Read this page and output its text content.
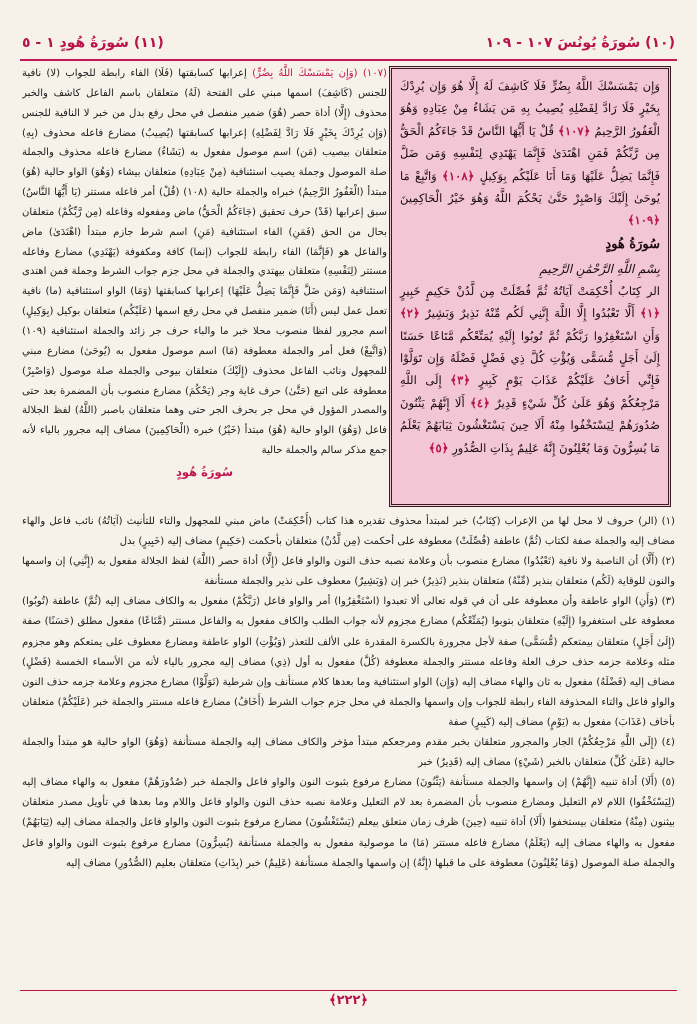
(١١) سُورَةُ هُودٍ ١ - ٥	(١٠) سُورَةُ يُونُسَ ١٠٧ - ١٠٩
وَإِن يَمْسَسْكَ اللَّهُ بِضُرٍّ فَلَا كَاشِفَ لَهُ إِلَّا هُوَ وَإِن يُرِدْكَ بِخَيْرٍ فَلَا رَادَّ لِفَضْلِهِ يُصِيبُ بِهِ مَن يَشَاءُ مِنْ عِبَادِهِ وَهُوَ الْغَفُورُ الرَّحِيمُ ﴿١٠٧﴾ قُلْ يَا أَيُّهَا النَّاسُ قَدْ جَاءَكُمُ الْحَقُّ مِن رَّبِّكُمْ فَمَنِ اهْتَدَىٰ فَإِنَّمَا يَهْتَدِي لِنَفْسِهِ وَمَن ضَلَّ فَإِنَّمَا يَضِلُّ عَلَيْهَا وَمَا أَنَا عَلَيْكُم بِوَكِيلٍ ﴿١٠٨﴾ وَاتَّبِعْ مَا يُوحَىٰ إِلَيْكَ وَاصْبِرْ حَتَّىٰ يَحْكُمَ اللَّهُ وَهُوَ خَيْرُ الْحَاكِمِينَ ﴿١٠٩﴾
سُورَةُ هُودٍ
بِسْمِ اللَّهِ الرَّحْمَٰنِ الرَّحِيمِ
الر كِتَابٌ أُحْكِمَتْ آيَاتُهُ ثُمَّ فُصِّلَتْ مِن لَّدُنْ حَكِيمٍ خَبِيرٍ ﴿١﴾ أَلَّا تَعْبُدُوا إِلَّا اللَّهَ إِنَّنِي لَكُم مِّنْهُ نَذِيرٌ وَبَشِيرٌ ﴿٢﴾ وَأَنِ اسْتَغْفِرُوا رَبَّكُمْ ثُمَّ تُوبُوا إِلَيْهِ يُمَتِّعْكُم مَّتَاعًا حَسَنًا إِلَىٰ أَجَلٍ مُّسَمًّى وَيُؤْتِ كُلَّ ذِي فَضْلٍ فَضْلَهُ وَإِن تَوَلَّوْا فَإِنِّي أَخَافُ عَلَيْكُمْ عَذَابَ يَوْمٍ كَبِيرٍ ﴿٣﴾ إِلَى اللَّهِ مَرْجِعُكُمْ وَهُوَ عَلَىٰ كُلِّ شَيْءٍ قَدِيرٌ ﴿٤﴾ أَلَا إِنَّهُمْ يَثْنُونَ صُدُورَهُمْ لِيَسْتَخْفُوا مِنْهُ أَلَا حِينَ يَسْتَغْشُونَ ثِيَابَهُمْ يَعْلَمُ مَا يُسِرُّونَ وَمَا يُعْلِنُونَ إِنَّهُ عَلِيمٌ بِذَاتِ الصُّدُورِ ﴿٥﴾
(١٠٧) (وَإِن يَمْسَسْكَ اللَّهُ بِضُرٍّ) إعرابها كسابقتها (فَلَا) الفاء رابطة للجواب (لا) نافية للجنس (كَاشِفَ) اسمها مبني على الفتحة (لَهُ) متعلقان باسم الفاعل كاشف والخبر محذوف (إِلَّا) أداة حصر (هُوَ) ضمير منفصل في محل رفع بدل من خبر لا النافية للجنس (وَإِن يُرِدْكَ بِخَيْرٍ فَلَا رَادَّ لِفَضْلِهِ) إعرابها كسابقتها (يُصِيبُ) مضارع فاعله محذوف (بِهِ) متعلقان بيصيب (مَن) اسم موصول مفعول به (يَشَاءُ) مضارع فاعله محذوف والجملة صلة الموصول وجملة يصيب استئنافية (مِنْ عِبَادِهِ) متعلقان بيشاء (وَهُوَ) الواو حالية (هُوَ) مبتدأ (الْغَفُورُ الرَّحِيمُ) خبراه والجملة حالية (١٠٨) (قُلْ) أمر فاعله مستتر (يَا أَيُّهَا النَّاسُ) سبق إعرابها (قَدْ) حرف تحقيق (جَاءَكُمُ الْحَقُّ) ماض ومفعوله وفاعله (مِن رَّبِّكُمْ) متعلقان بحال من الحق (فَمَنِ) الفاء استئنافية (مَنِ) اسم شرط جازم مبتدأ (اهْتَدَىٰ) ماض والفاعل هو (فَإِنَّمَا) الفاء رابطة للجواب (إنما) كافة ومكفوفة (يَهْتَدِي) مضارع وفاعله مستتر (لِنَفْسِهِ) متعلقان بيهتدي والجملة في محل جزم جواب الشرط وجملة فمن اهتدى استئنافية (وَمَن ضَلَّ فَإِنَّمَا يَضِلُّ عَلَيْهَا) إعرابها كسابقتها (وَمَا) الواو استئنافية (ما) نافية تعمل عمل ليس (أَنَا) ضمير منفصل في محل رفع اسمها (عَلَيْكُم) متعلقان بوكيل (بِوَكِيلٍ) اسم مجرور لفظا منصوب محلا خبر ما والباء حرف جر زائد والجملة استئنافية (١٠٩) (وَاتَّبِعْ) فعل أمر والجملة معطوفة (مَا) اسم موصول مفعول به (يُوحَىٰ) مضارع مبني للمجهول ونائب الفاعل محذوف (إِلَيْكَ) متعلقان بيوحى والجملة صلة موصول (وَاصْبِرْ) معطوفة على اتبع (حَتَّىٰ) حرف غاية وجر (يَحْكُمَ) مضارع منصوب بأن المضمرة بعد حتى والمصدر المؤول في محل جر بحرف الجر حتى وهما متعلقان باصبر (اللَّهُ) لفظ الجلالة فاعل (وَهُوَ) الواو حالية (هُوَ) مبتدأ (خَيْرُ) خبره (الْحَاكِمِينَ) مضاف إليه مجرور بالياء لأنه جمع مذكر سالم والجملة حالية
سُورَةُ هُودٍ

(١) (الر) حروف لا محل لها من الإعراب (كِتَابٌ) خبر لمبتدأ محذوف تقديره هذا كتاب (أُحْكِمَتْ) ماض مبني للمجهول والتاء للتأنيث (آيَاتُهُ) نائب فاعل والهاء مضاف إليه والجملة صفة لكتاب (ثُمَّ) عاطفة (فُصِّلَتْ) معطوفة على أحكمت (مِن لَّدُنْ) متعلقان بأحكمت (حَكِيمٍ) مضاف إليه (خَبِيرٍ) بدل

(٢) (أَلَّا) أن الناصبة ولا نافية (تَعْبُدُوا) مضارع منصوب بأن وعلامة نصبه حذف النون والواو فاعل (إِلَّا) أداة حصر (اللَّهَ) لفظ الجلالة مفعول به (إِنَّنِي) إن واسمها والنون للوقاية (لَكُم) متعلقان بنذير (مِّنْهُ) متعلقان بنذير (نَذِيرٌ) خبر إن (وَبَشِيرٌ) معطوف على نذير والجملة مستأنفة

(٣) (وَأَنِ) الواو عاطفة وأن معطوفة على أن في قوله تعالى ألا تعبدوا (اسْتَغْفِرُوا) أمر والواو فاعل (رَبَّكُمْ) مفعول به والكاف مضاف إليه (ثُمَّ) عاطفة (تُوبُوا) معطوفة على استغفروا (إِلَيْهِ) متعلقان بتوبوا (يُمَتِّعْكُم) مضارع مجزوم لأنه جواب الطلب والكاف مفعول به والفاعل مستتر (مَّتَاعًا) مفعول مطلق (حَسَنًا) صفة (إِلَىٰ أَجَلٍ) متعلقان بيمتعكم (مُّسَمًّى) صفة لأجل مجرورة بالكسرة المقدرة على الألف للتعذر (وَيُؤْتِ) الواو عاطفة ومضارع معطوف على يمتعكم وهو مجزوم مثله وعلامة جزمه حذف حرف العلة وفاعله مستتر والجملة معطوفة (كُلَّ) مفعول به أول (ذِي) مضاف إليه مجرور بالياء لأنه من الأسماء الخمسة (فَضْلٍ) مضاف إليه (فَضْلَهُ) مفعول به ثان والهاء مضاف إليه (وَإِن) الواو استئنافية وما بعدها كلام مستأنف وإن شرطية (تَوَلَّوْا) مضارع مجزوم وعلامة جزمه حذف النون والواو فاعل والتاء المحذوفة الفاء رابطة للجواب وإن واسمها والجملة في محل جزم جواب الشرط (أَخَافُ) مضارع فاعله مستتر والجملة خبر (عَلَيْكُمْ) متعلقان بأخاف (عَذَابَ) مفعول به (يَوْمٍ) مضاف إليه (كَبِيرٍ) صفة

(٤) (إِلَى اللَّهِ مَرْجِعُكُمْ) الجار والمجرور متعلقان بخبر مقدم ومرجعكم مبتدأ مؤخر والكاف مضاف إليه والجملة مستأنفة (وَهُوَ) الواو حالية هو مبتدأ والجملة حالية (عَلَىٰ كُلِّ) متعلقان بالخبر (شَيْءٍ) مضاف إليه (قَدِيرٌ) خبر

(٥) (أَلَا) أداة تنبيه (إِنَّهُمْ) إن واسمها والجملة مستأنفة (يَثْنُونَ) مضارع مرفوع بثبوت النون والواو فاعل والجملة خبر (صُدُورَهُمْ) مفعول به والهاء مضاف إليه (لِيَسْتَخْفُوا) اللام لام التعليل ومضارع منصوب بأن المضمرة بعد لام التعليل وعلامة نصبه حذف النون والواو فاعل واللام وما بعدها في تأويل مصدر متعلقان بيثنون (مِنْهُ) متعلقان بيستخفوا (أَلَا) أداة تنبيه (حِينَ) ظرف زمان متعلق بيعلم (يَسْتَغْشُونَ) مضارع مرفوع بثبوت النون والواو فاعل والجملة مضاف إليه (ثِيَابَهُمْ) مفعول به والهاء مضاف إليه (يَعْلَمُ) مضارع فاعله مستتر (مَا) ما موصولية مفعول به والجملة مستأنفة (يُسِرُّونَ) مضارع مرفوع بثبوت النون والواو فاعل والجملة صلة الموصول (وَمَا يُعْلِنُونَ) معطوفة على ما قبلها (إِنَّهُ) إن واسمها والجملة مستأنفة (عَلِيمٌ) خبر (بِذَاتِ) متعلقان بعليم (الصُّدُورِ) مضاف إليه

﴿٢٢٢﴾
